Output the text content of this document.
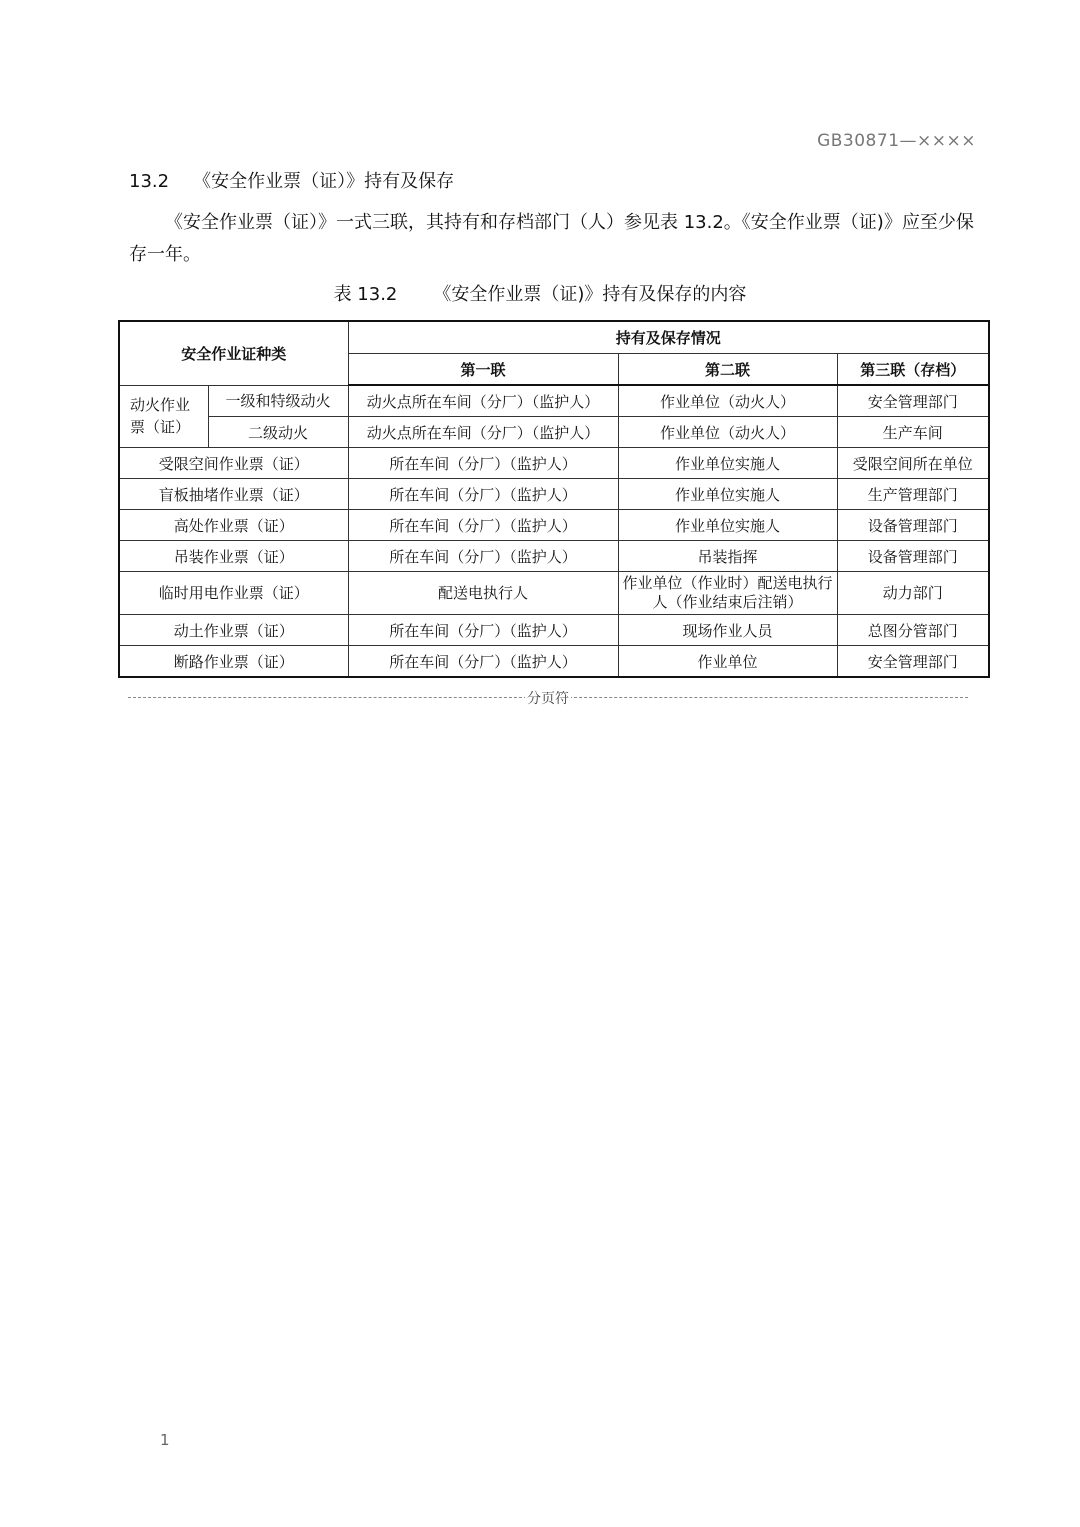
GB30871—××××
13.2 《安全作业票（证）》持有及保存
《安全作业票（证）》一式三联，其持有和存档部门（人）参见表 13.2。《安全作业票（证)》应至少保存一年。
表 13.2 《安全作业票（证)》持有及保存的内容
安全作业证种类		持有及保存情况		
		第一联	第二联	第三联（存档）
动火作业票（证）	一级和特级动火	动火点所在车间（分厂）（监护人）	作业单位（动火人）	安全管理部门
	二级动火	动火点所在车间（分厂）（监护人）	作业单位（动火人）	生产车间
受限空间作业票（证）		所在车间（分厂）（监护人）	作业单位实施人	受限空间所在单位
盲板抽堵作业票（证）		所在车间（分厂）（监护人）	作业单位实施人	生产管理部门
高处作业票（证）		所在车间（分厂）（监护人）	作业单位实施人	设备管理部门
吊装作业票（证）		所在车间（分厂）（监护人）	吊装指挥	设备管理部门
临时用电作业票（证）		配送电执行人	作业单位（作业时）配送电执行人（作业结束后注销）	动力部门
动土作业票（证）		所在车间（分厂）（监护人）	现场作业人员	总图分管部门
断路作业票（证）		所在车间（分厂）（监护人）	作业单位	安全管理部门
分页符
1
